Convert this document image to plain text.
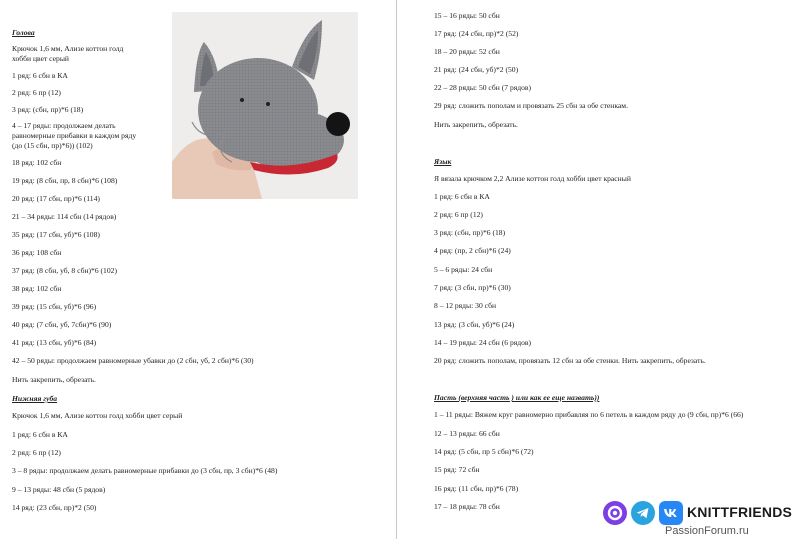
Голова
Крючок 1,6 мм, Ализе коттон голд
хобби цвет серый
1 ряд: 6 сбн в КА
2 ряд: 6 пр (12)
3 ряд: (сбн, пр)*6 (18)
4 – 17 ряды: продолжаем делать
равномерные прибавки в каждом ряду
(до (15 сбн, пр)*6)) (102)
18 ряд: 102 сбн
19 ряд: (8 сбн, пр, 8 сбн)*6 (108)
20 ряд: (17 сбн, пр)*6 (114)
21 – 34 ряды: 114 сбн (14 рядов)
35 ряд: (17 сбн, уб)*6 (108)
36 ряд: 108 сбн
37 ряд: (8 сбн, уб, 8 сбн)*6 (102)
38 ряд: 102 сбн
39 ряд: (15 сбн, уб)*6 (96)
40 ряд: (7 сбн, уб, 7сбн)*6 (90)
41 ряд: (13 сбн, уб)*6 (84)
42 – 50 ряды: продолжаем равномерные убавки до (2 сбн, уб, 2 сбн)*6 (30)
Нить закрепить, обрезать.
Нижняя губа
Крючок 1,6 мм, Ализе коттон голд хобби цвет серый
1 ряд: 6 сбн в КА
2 ряд: 6 пр (12)
3 – 8 ряды: продолжаем делать равномерные прибавки до (3 сбн, пр, 3 сбн)*6 (48)
9 – 13 ряды: 48 сбн (5 рядов)
14 ряд: (23 сбн, пр)*2 (50)
15 – 16 ряды: 50 сбн
17 ряд: (24 сбн, пр)*2 (52)
18 – 20 ряды: 52 сбн
21 ряд: (24 сбн, уб)*2 (50)
22 – 28 ряды: 50 сбн (7 рядов)
29 ряд: сложить пополам и провязать 25 сбн за обе стенкам.
Нить закрепить, обрезать.
Язык
Я вязала крючком 2,2 Ализе коттон голд хобби цвет красный
1 ряд: 6 сбн в КА
2 ряд: 6 пр (12)
3 ряд: (сбн, пр)*6 (18)
4 ряд: (пр, 2 сбн)*6 (24)
5 – 6 ряды: 24 сбн
7 ряд: (3 сбн, пр)*6 (30)
8 – 12 ряды: 30 сбн
13 ряд: (3 сбн, уб)*6 (24)
14 – 19 ряды: 24 сбн (6 рядов)
20 ряд: сложить пополам, провязать 12 сбн за обе стенки. Нить закрепить, обрезать.
Пасть (верхняя часть ) или как ее еще назвать))
1 – 11 ряды: Вяжем круг равномерно прибавляя по 6 петель в каждом ряду до (9 сбн, пр)*6 (66)
12 – 13 ряды: 66 сбн
14 ряд: (5 сбн, пр 5 сбн)*6 (72)
15 ряд: 72 сбн
16 ряд: (11 сбн, пр)*6 (78)
17 – 18 ряды: 78 сбн	KNITTFRIENDS
PassionForum.ru
